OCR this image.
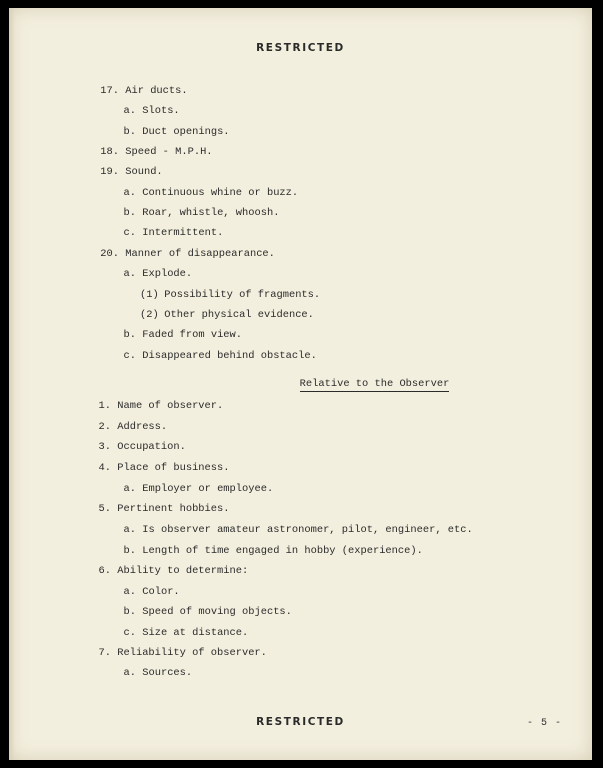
RESTRICTED
17. Air ducts.
a. Slots.
b. Duct openings.
18. Speed - M.P.H.
19. Sound.
a. Continuous whine or buzz.
b. Roar, whistle, whoosh.
c. Intermittent.
20. Manner of disappearance.
a. Explode.
(1) Possibility of fragments.
(2) Other physical evidence.
b. Faded from view.
c. Disappeared behind obstacle.
Relative to the Observer
1. Name of observer.
2. Address.
3. Occupation.
4. Place of business.
a. Employer or employee.
5. Pertinent hobbies.
a. Is observer amateur astronomer, pilot, engineer, etc.
b. Length of time engaged in hobby (experience).
6. Ability to determine:
a. Color.
b. Speed of moving objects.
c. Size at distance.
7. Reliability of observer.
a. Sources.
RESTRICTED	- 5 -
